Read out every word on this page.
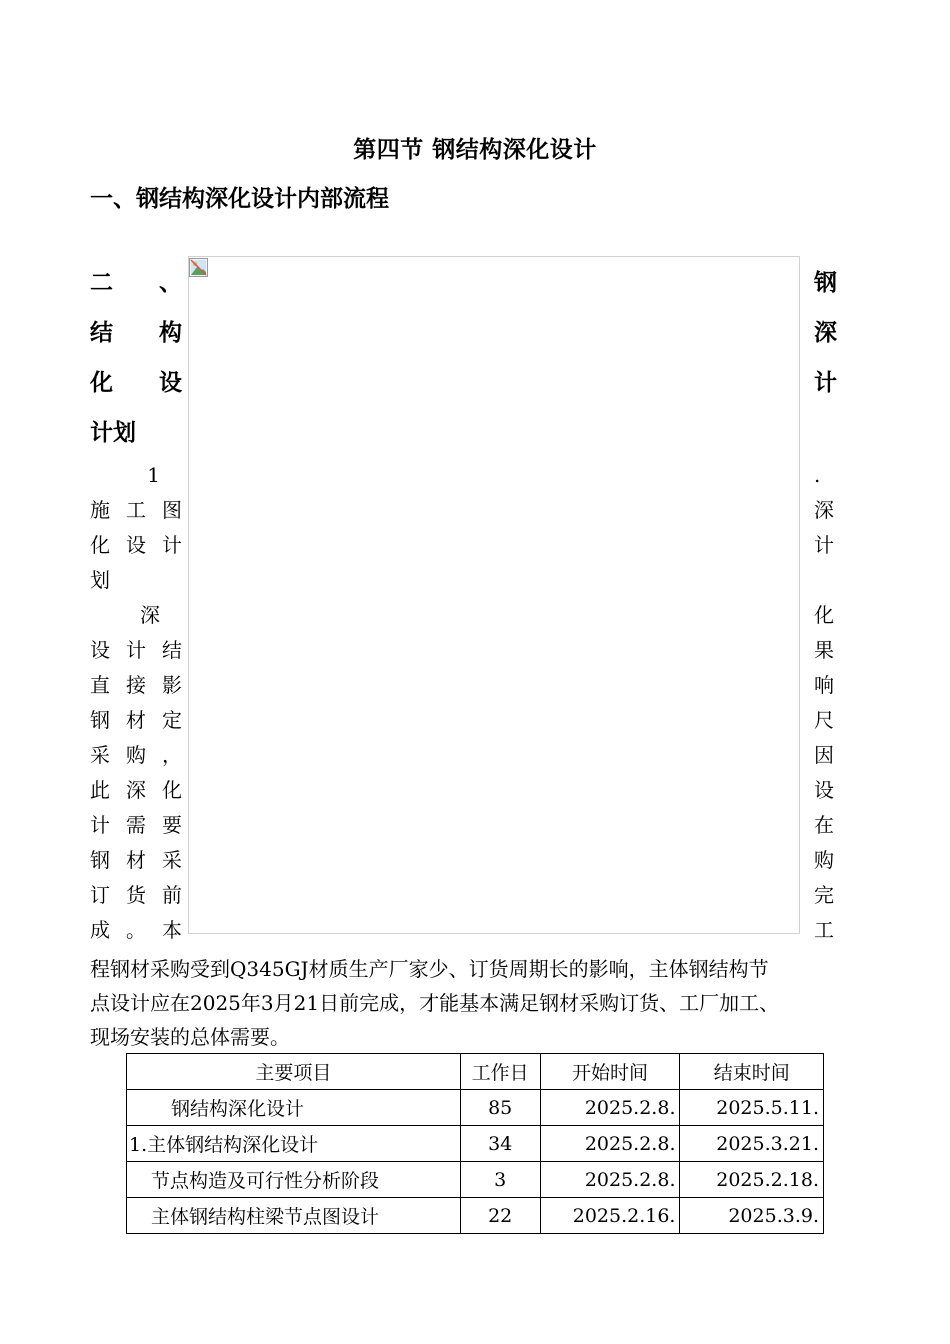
第四节 钢结构深化设计
一、钢结构深化设计内部流程
二 、
结 构
化 设
计划
1
施 工 图
化 设 计
划
深
设 计 结
直 接 影
钢 材 定
采 购 ，
此 深 化
计 需 要
钢 材 采
订 货 前
成 。 本
钢
深
计
.
深
计
化
果
响
尺
因
设
在
购
完
工
程钢材采购受到Q345GJ材质生产厂家少、订货周期长的影响，主体钢结构节
点设计应在2025年3月21日前完成，才能基本满足钢材采购订货、工厂加工、
现场安装的总体需要。
主要项目	工作日	开始时间	结束时间
钢结构深化设计	85	2025.2.8.	2025.5.11.
1.主体钢结构深化设计	34	2025.2.8.	2025.3.21.
节点构造及可行性分析阶段	3	2025.2.8.	2025.2.18.
主体钢结构柱梁节点图设计	22	2025.2.16.	2025.3.9.
